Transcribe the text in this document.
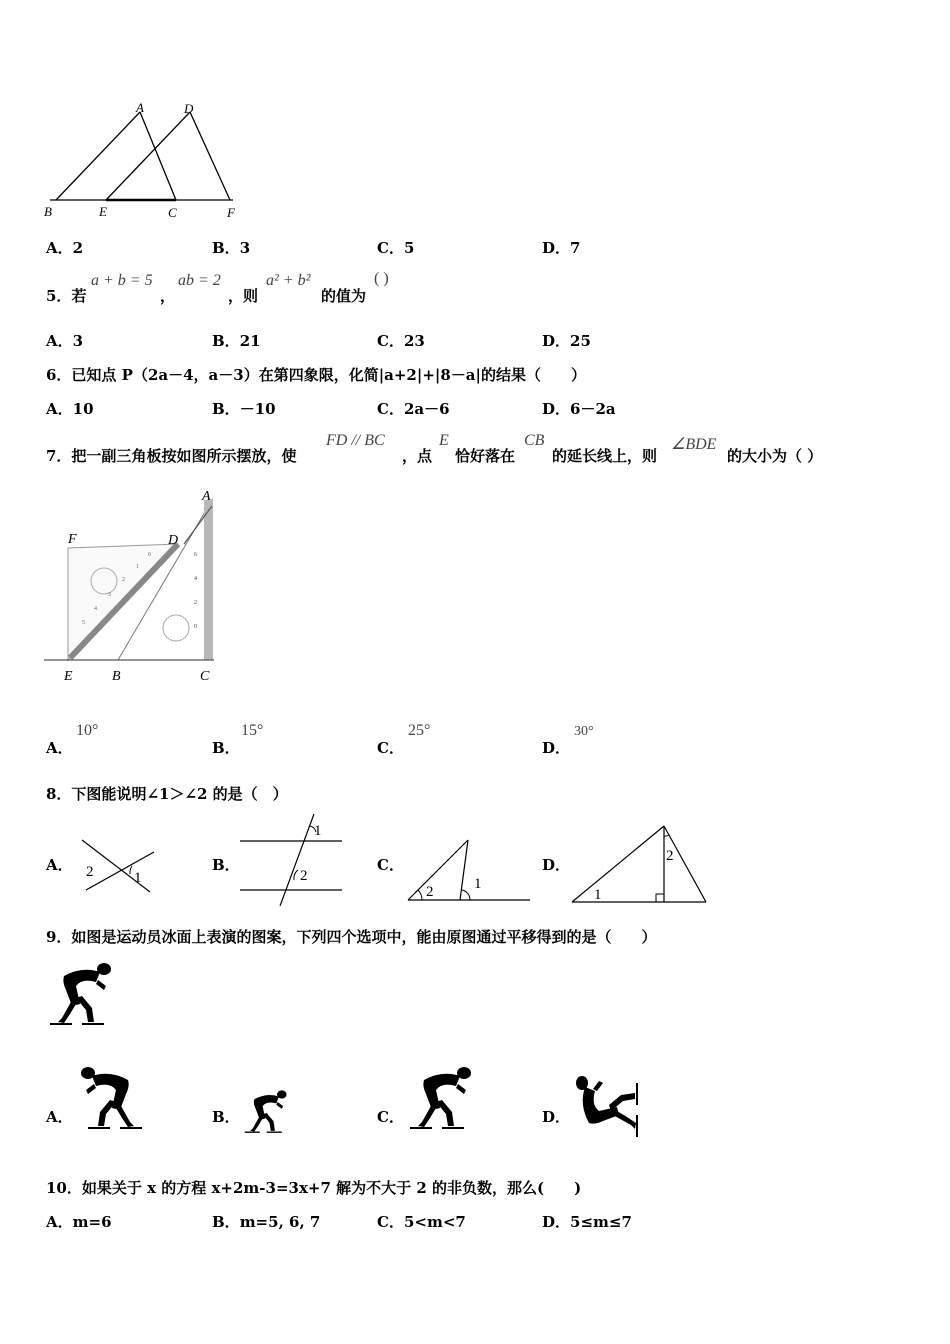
A	D
B	E	C	F
A．2	B．3	C．5	D．7
5．若
a + b = 5
，
ab = 2
，则
a² + b²
的值为
( )
A．3	B．21	C．23	D．25
6．已知点 P（2a－4，a－3）在第四象限，化简|a+2|+|8－a|的结果（　　）
A．10	B．－10	C．2a－6	D．6－2a
7．把一副三角板按如图所示摆放，使
FD // BC
，点
E
恰好落在
CB
的延长线上，则
∠BDE
的大小为（ ）
0
1
2
3
4
5
6
4
2
0
A
F	D
E	B	C
A．
10°
B．
15°
C．
25°
D．
30°
8．下图能说明∠1＞∠2 的是（　）
A． 2	1
B．
1
2
C．
2	1
D．
1
2
9．如图是运动员冰面上表演的图案，下列四个选项中，能由原图通过平移得到的是（　　）
A．	B．	C．	D．
10．如果关于 x 的方程 x+2m-3=3x+7 解为不大于 2 的非负数，那么(　　)
A．m=6	B．m=5, 6, 7	C．5<m<7	D．5≤m≤7
